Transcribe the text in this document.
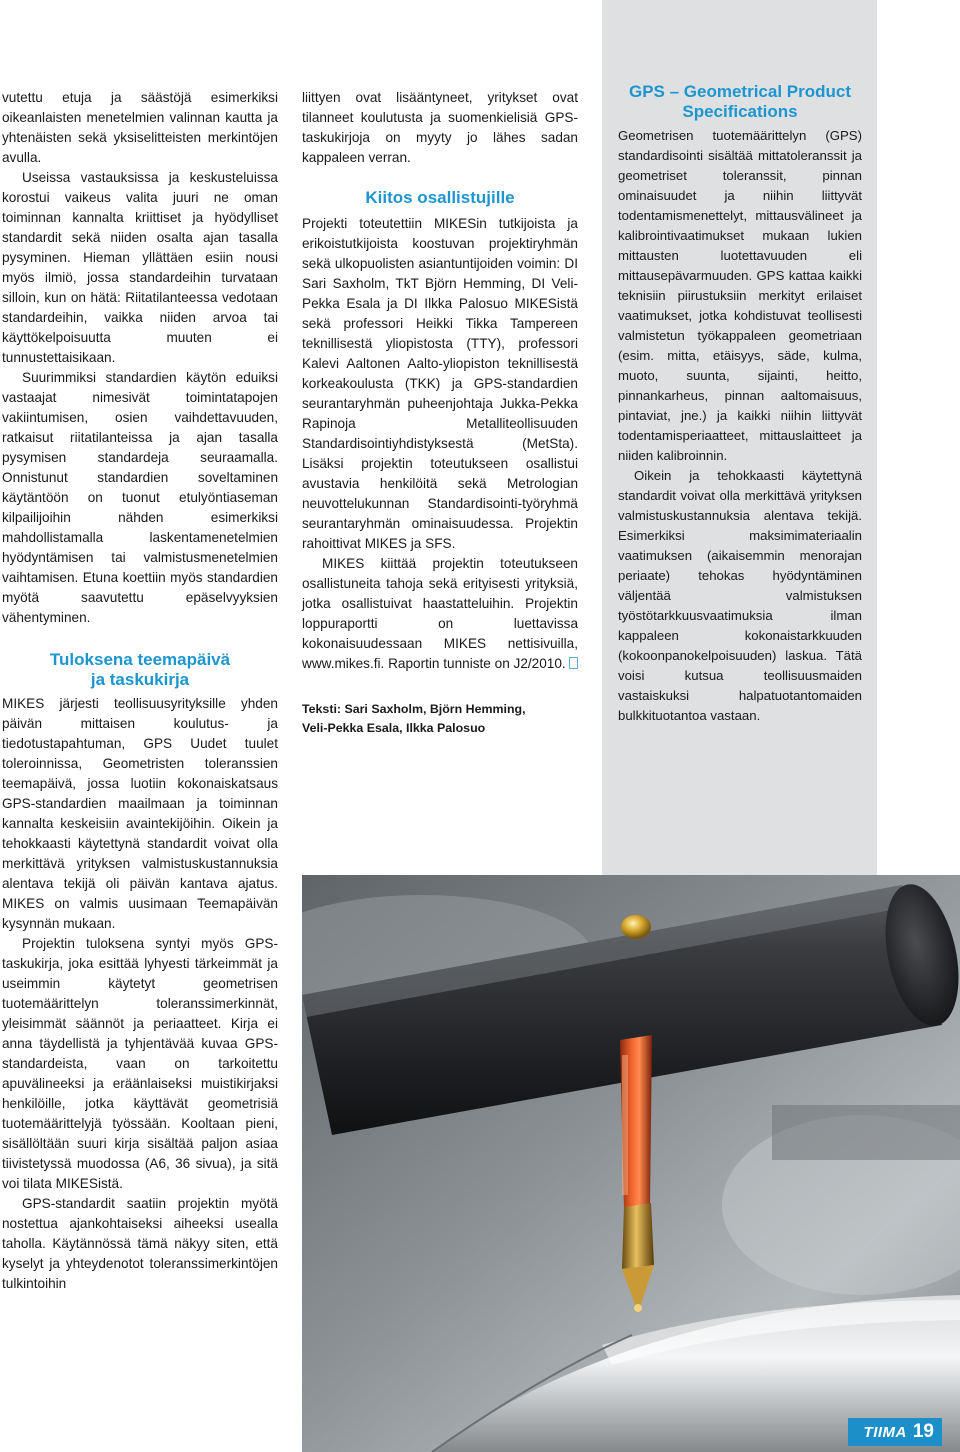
vutettu etuja ja säästöjä esimerkiksi oikeanlaisten menetelmien valinnan kautta ja yhtenäisten sekä yksiselitteisten merkintöjen avulla.

Useissa vastauksissa ja keskusteluissa korostui vaikeus valita juuri ne oman toiminnan kannalta kriittiset ja hyödylliset standardit sekä niiden osalta ajan tasalla pysyminen. Hieman yllättäen esiin nousi myös ilmiö, jossa standardeihin turvataan silloin, kun on hätä: Riitatilanteessa vedotaan standardeihin, vaikka niiden arvoa tai käyttökelpoisuutta muuten ei tunnustettaisikaan.

Suurimmiksi standardien käytön eduiksi vastaajat nimesivät toimintatapojen vakiintumisen, osien vaihdettavuuden, ratkaisut riitatilanteissa ja ajan tasalla pysymisen standardeja seuraamalla. Onnistunut standardien soveltaminen käytäntöön on tuonut etulyöntiaseman kilpailijoihin nähden esimerkiksi mahdollistamalla laskentamenetelmien hyödyntämisen tai valmistusmenetelmien vaihtamisen. Etuna koettiin myös standardien myötä saavutettu epäselvyyksien vähentyminen.

Tuloksena teemapäivä
ja taskukirja

MIKES järjesti teollisuusyrityksille yhden päivän mittaisen koulutus- ja tiedotustapahtuman, GPS Uudet tuulet toleroinnissa, Geometristen toleranssien teemapäivä, jossa luotiin kokonaiskatsaus GPS-standardien maailmaan ja toiminnan kannalta keskeisiin avaintekijöihin. Oikein ja tehokkaasti käytettynä standardit voivat olla merkittävä yrityksen valmistuskustannuksia alentava tekijä oli päivän kantava ajatus. MIKES on valmis uusimaan Teemapäivän kysynnän mukaan.

Projektin tuloksena syntyi myös GPS-taskukirja, joka esittää lyhyesti tärkeimmät ja useimmin käytetyt geometrisen tuotemäärittelyn toleranssimerkinnät, yleisimmät säännöt ja periaatteet. Kirja ei anna täydellistä ja tyhjentävää kuvaa GPS-standardeista, vaan on tarkoitettu apuvälineeksi ja eräänlaiseksi muistikirjaksi henkilöille, jotka käyttävät geometrisiä tuotemäärittelyjä työssään. Kooltaan pieni, sisällöltään suuri kirja sisältää paljon asiaa tiivistetyssä muodossa (A6, 36 sivua), ja sitä voi tilata MIKESistä.

GPS-standardit saatiin projektin myötä nostettua ajankohtaiseksi aiheeksi usealla taholla. Käytännössä tämä näkyy siten, että kyselyt ja yhteydenotot toleranssimerkintöjen tulkintoihin

liittyen ovat lisääntyneet, yritykset ovat tilanneet koulutusta ja suomenkielisiä GPS-taskukirjoja on myyty jo lähes sadan kappaleen verran.

Kiitos osallistujille

Projekti toteutettiin MIKESin tutkijoista ja erikoistutkijoista koostuvan projektiryhmän sekä ulkopuolisten asiantuntijoiden voimin: DI Sari Saxholm, TkT Björn Hemming, DI Veli-Pekka Esala ja DI Ilkka Palosuo MIKESistä sekä professori Heikki Tikka Tampereen teknillisestä yliopistosta (TTY), professori Kalevi Aaltonen Aalto-yliopiston teknillisestä korkeakoulusta (TKK) ja GPS-standardien seurantaryhmän puheenjohtaja Jukka-Pekka Rapinoja Metalliteollisuuden Standardisointiyhdistyksestä (MetSta). Lisäksi projektin toteutukseen osallistui avustavia henkilöitä sekä Metrologian neuvottelukunnan Standardisointi-työryhmä seurantaryhmän ominaisuudessa. Projektin rahoittivat MIKES ja SFS.

MIKES kiittää projektin toteutukseen osallistuneita tahoja sekä erityisesti yrityksiä, jotka osallistuivat haastatteluihin. Projektin loppuraportti on luettavissa kokonaisuudessaan MIKES nettisivuilla, www.mikes.fi. Raportin tunniste on J2/2010.

Teksti: Sari Saxholm, Björn Hemming,
Veli-Pekka Esala, Ilkka Palosuo

GPS – Geometrical Product
Specifications

Geometrisen tuotemäärittelyn (GPS) standardisointi sisältää mittatoleranssit ja geometriset toleranssit, pinnan ominaisuudet ja niihin liittyvät todentamismenettelyt, mittausvälineet ja kalibrointivaatimukset mukaan lukien mittausten luotettavuuden eli mittausepävarmuuden. GPS kattaa kaikki teknisiin piirustuksiin merkityt erilaiset vaatimukset, jotka kohdistuvat teollisesti valmistetun työkappaleen geometriaan (esim. mitta, etäisyys, säde, kulma, muoto, suunta, sijainti, heitto, pinnankarheus, pinnan aaltomaisuus, pintaviat, jne.) ja kaikki niihin liittyvät todentamisperiaatteet, mittauslaitteet ja niiden kalibroinnin.

Oikein ja tehokkaasti käytettynä standardit voivat olla merkittävä yrityksen valmistuskustannuksia alentava tekijä. Esimerkiksi maksimimateriaalin vaatimuksen (aikaisemmin menorajan periaate) tehokas hyödyntäminen väljentää valmistuksen työstötarkkuusvaatimuksia ilman kappaleen kokonaistarkkuuden (kokoonpanokelpoisuuden) laskua. Tätä voisi kutsua teollisuusmaiden vastaiskuksi halpatuotantomaiden bulkkituotantoa vastaan.

TIIMA 19
